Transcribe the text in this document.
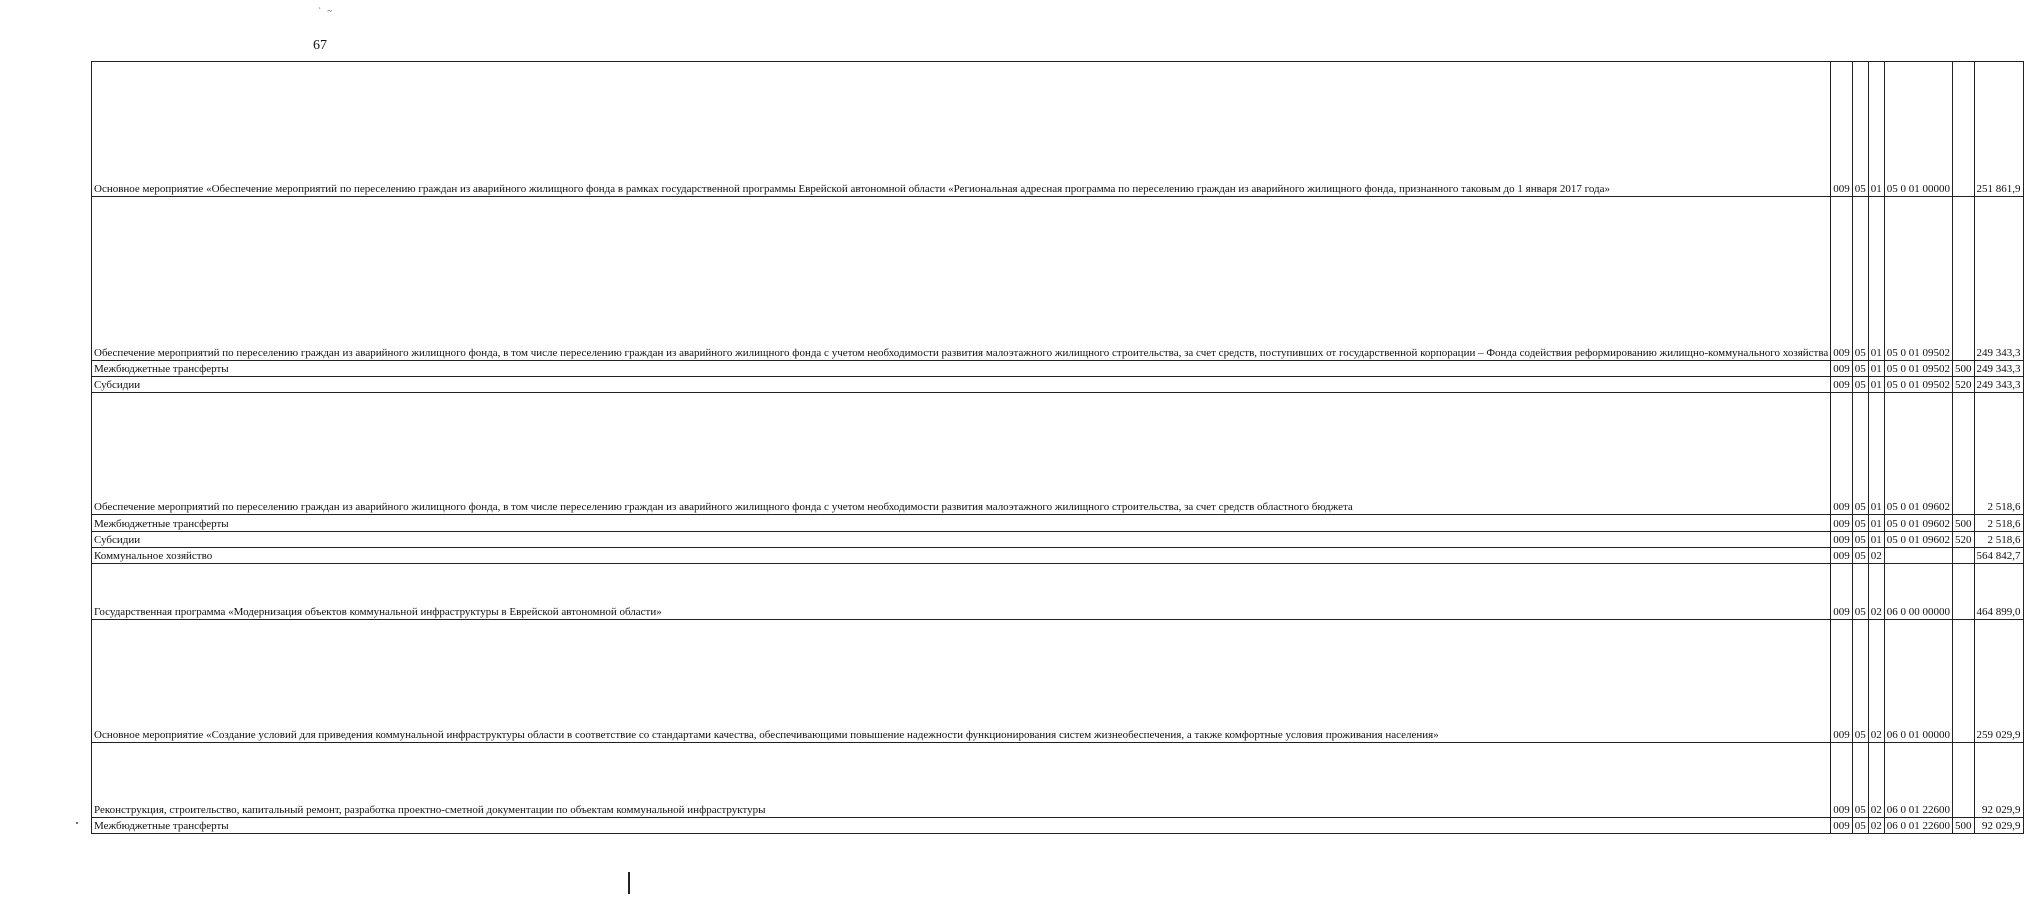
` ~
67
Основное мероприятие «Обеспечение мероприятий по переселению граждан из аварийного жилищного фонда в рамках государственной программы Еврейской автономной области «Региональная адресная программа по переселению граждан из аварийного жилищного фонда, признанного таковым до 1 января 2017 года»	009	05	01	05 0 01 00000		251 861,9
Обеспечение мероприятий по переселению граждан из аварийного жилищного фонда, в том числе переселению граждан из аварийного жилищного фонда с учетом необходимости развития малоэтажного жилищного строительства, за счет средств, поступивших от государственной корпорации – Фонда содействия реформированию жилищно-коммунального хозяйства	009	05	01	05 0 01 09502		249 343,3
Межбюджетные трансферты	009	05	01	05 0 01 09502	500	249 343,3
Субсидии	009	05	01	05 0 01 09502	520	249 343,3
Обеспечение мероприятий по переселению граждан из аварийного жилищного фонда, в том числе переселению граждан из аварийного жилищного фонда с учетом необходимости развития малоэтажного жилищного строительства, за счет средств областного бюджета	009	05	01	05 0 01 09602		2 518,6
Межбюджетные трансферты	009	05	01	05 0 01 09602	500	2 518,6
Субсидии	009	05	01	05 0 01 09602	520	2 518,6
Коммунальное хозяйство	009	05	02			564 842,7
Государственная программа «Модернизация объектов коммунальной инфраструктуры в Еврейской автономной области»	009	05	02	06 0 00 00000		464 899,0
Основное мероприятие «Создание условий для приведения коммунальной инфраструктуры области в соответствие со стандартами качества, обеспечивающими повышение надежности функционирования систем жизнеобеспечения, а также комфортные условия проживания населения»	009	05	02	06 0 01 00000		259 029,9
Реконструкция, строительство, капитальный ремонт, разработка проектно-сметной документации по объектам коммунальной инфраструктуры	009	05	02	06 0 01 22600		92 029,9
Межбюджетные трансферты	009	05	02	06 0 01 22600	500	92 029,9
